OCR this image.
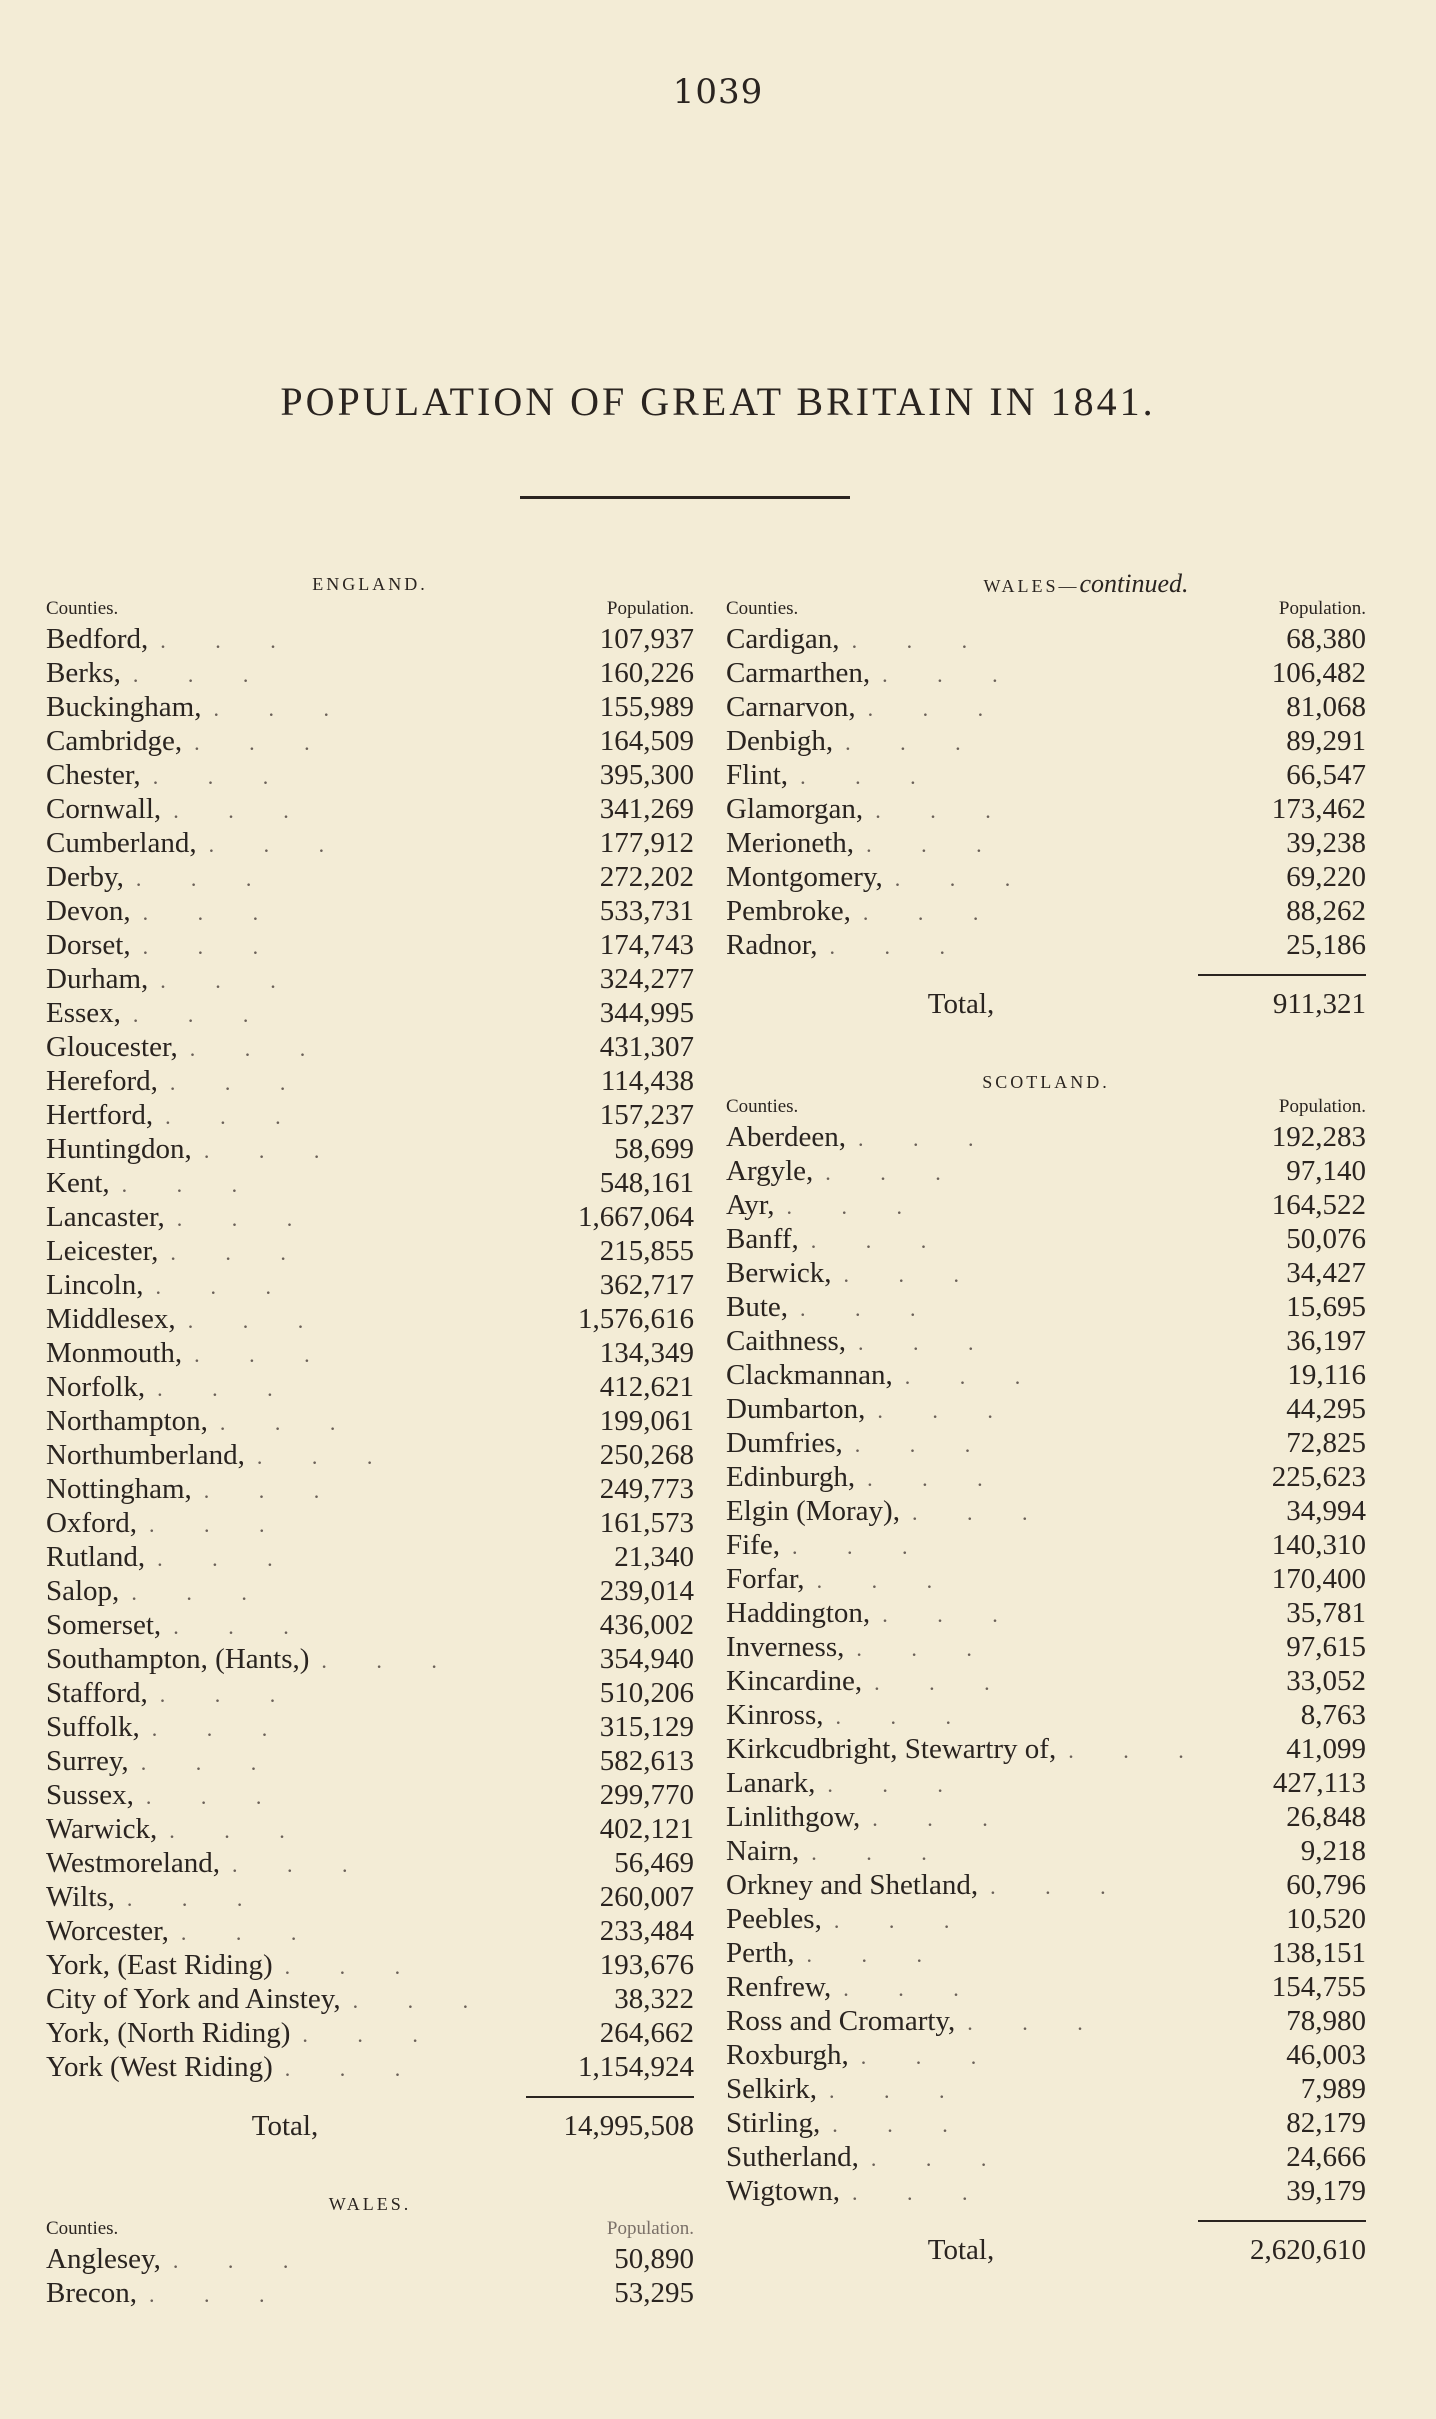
1039
POPULATION OF GREAT BRITAIN IN 1841.
ENGLAND.
Counties.	Population.
Bedford, . . .	107,937
Berks, . . .	160,226
Buckingham, . . .	155,989
Cambridge, . . .	164,509
Chester, . . .	395,300
Cornwall, . . .	341,269
Cumberland, . . .	177,912
Derby, . . .	272,202
Devon, . . .	533,731
Dorset, . . .	174,743
Durham, . . .	324,277
Essex, . . .	344,995
Gloucester, . . .	431,307
Hereford, . . .	114,438
Hertford, . . .	157,237
Huntingdon, . . .	58,699
Kent, . . .	548,161
Lancaster, . . .	1,667,064
Leicester, . . .	215,855
Lincoln, . . .	362,717
Middlesex, . . .	1,576,616
Monmouth, . . .	134,349
Norfolk, . . .	412,621
Northampton, . . .	199,061
Northumberland, . . .	250,268
Nottingham, . . .	249,773
Oxford, . . .	161,573
Rutland, . . .	21,340
Salop, . . .	239,014
Somerset, . . .	436,002
Southampton, (Hants,) . . .	354,940
Stafford, . . .	510,206
Suffolk, . . .	315,129
Surrey, . . .	582,613
Sussex, . . .	299,770
Warwick, . . .	402,121
Westmoreland, . . .	56,469
Wilts, . . .	260,007
Worcester, . . .	233,484
York, (East Riding) . . .	193,676
City of York and Ainstey, . . .	38,322
York, (North Riding) . . .	264,662
York (West Riding) . . .	1,154,924
Total,	14,995,508
WALES.
Counties.	Population.
Anglesey, . . .	50,890
Brecon, . . .	53,295
WALES—continued.
Counties.	Population.
Cardigan, . . .	68,380
Carmarthen, . . .	106,482
Carnarvon, . . .	81,068
Denbigh, . . .	89,291
Flint, . . .	66,547
Glamorgan, . . .	173,462
Merioneth, . . .	39,238
Montgomery, . . .	69,220
Pembroke, . . .	88,262
Radnor, . . .	25,186
Total,	911,321
SCOTLAND.
Counties.	Population.
Aberdeen, . . .	192,283
Argyle, . . .	97,140
Ayr, . . .	164,522
Banff, . . .	50,076
Berwick, . . .	34,427
Bute, . . .	15,695
Caithness, . . .	36,197
Clackmannan, . . .	19,116
Dumbarton, . . .	44,295
Dumfries, . . .	72,825
Edinburgh, . . .	225,623
Elgin (Moray), . . .	34,994
Fife, . . .	140,310
Forfar, . . .	170,400
Haddington, . . .	35,781
Inverness, . . .	97,615
Kincardine, . . .	33,052
Kinross, . . .	8,763
Kirkcudbright, Stewartry of, . . .	41,099
Lanark, . . .	427,113
Linlithgow, . . .	26,848
Nairn, . . .	9,218
Orkney and Shetland, . . .	60,796
Peebles, . . .	10,520
Perth, . . .	138,151
Renfrew, . . .	154,755
Ross and Cromarty, . . .	78,980
Roxburgh, . . .	46,003
Selkirk, . . .	7,989
Stirling, . . .	82,179
Sutherland, . . .	24,666
Wigtown, . . .	39,179
Total,	2,620,610
